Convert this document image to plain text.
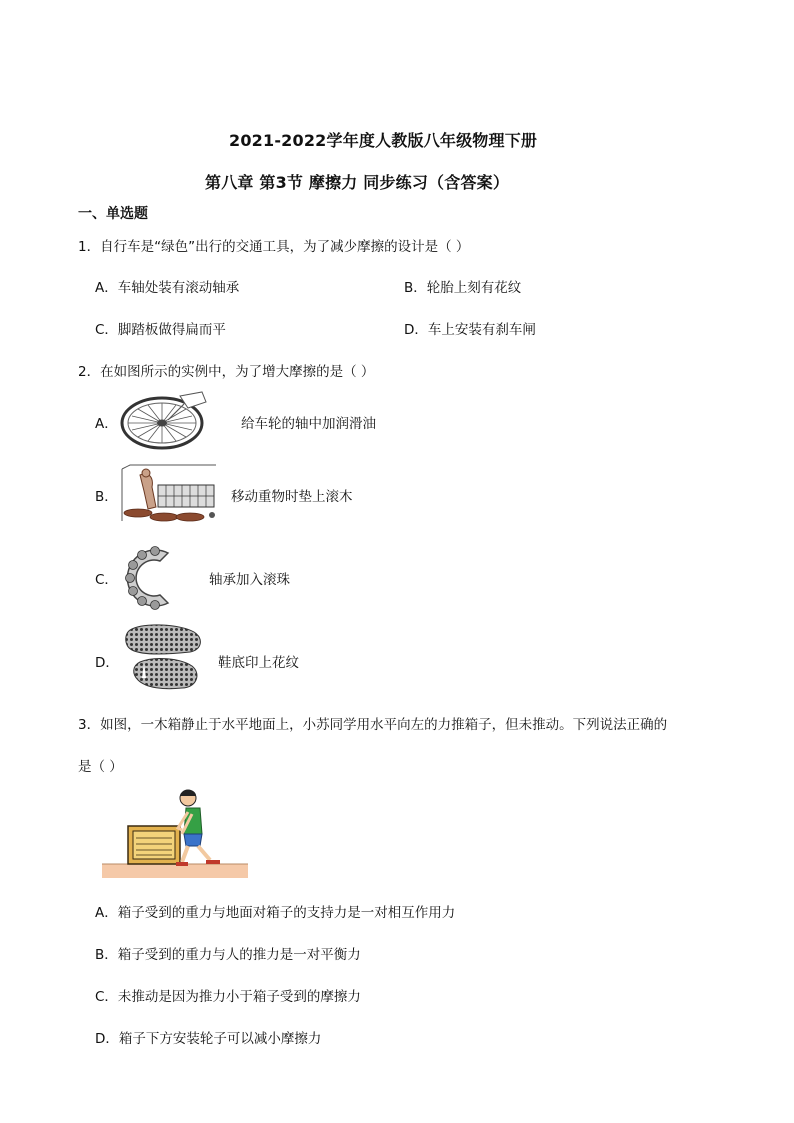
2021-2022学年度人教版八年级物理下册
第八章 第3节 摩擦力 同步练习（含答案）
一、单选题
1．自行车是“绿色”出行的交通工具，为了减少摩擦的设计是（ ）
A．车轴处装有滚动轴承	B．轮胎上刻有花纹
C．脚踏板做得扁而平	D．车上安装有刹车闸
2．在如图所示的实例中，为了增大摩擦的是（ ）
A．	给车轮的轴中加润滑油
B．	移动重物时垫上滚木
C．	轴承加入滚珠
D．	鞋底印上花纹
3．如图，一木箱静止于水平地面上，小苏同学用水平向左的力推箱子，但未推动。下列说法正确的
是（ ）
A．箱子受到的重力与地面对箱子的支持力是一对相互作用力
B．箱子受到的重力与人的推力是一对平衡力
C．未推动是因为推力小于箱子受到的摩擦力
D．箱子下方安装轮子可以减小摩擦力
